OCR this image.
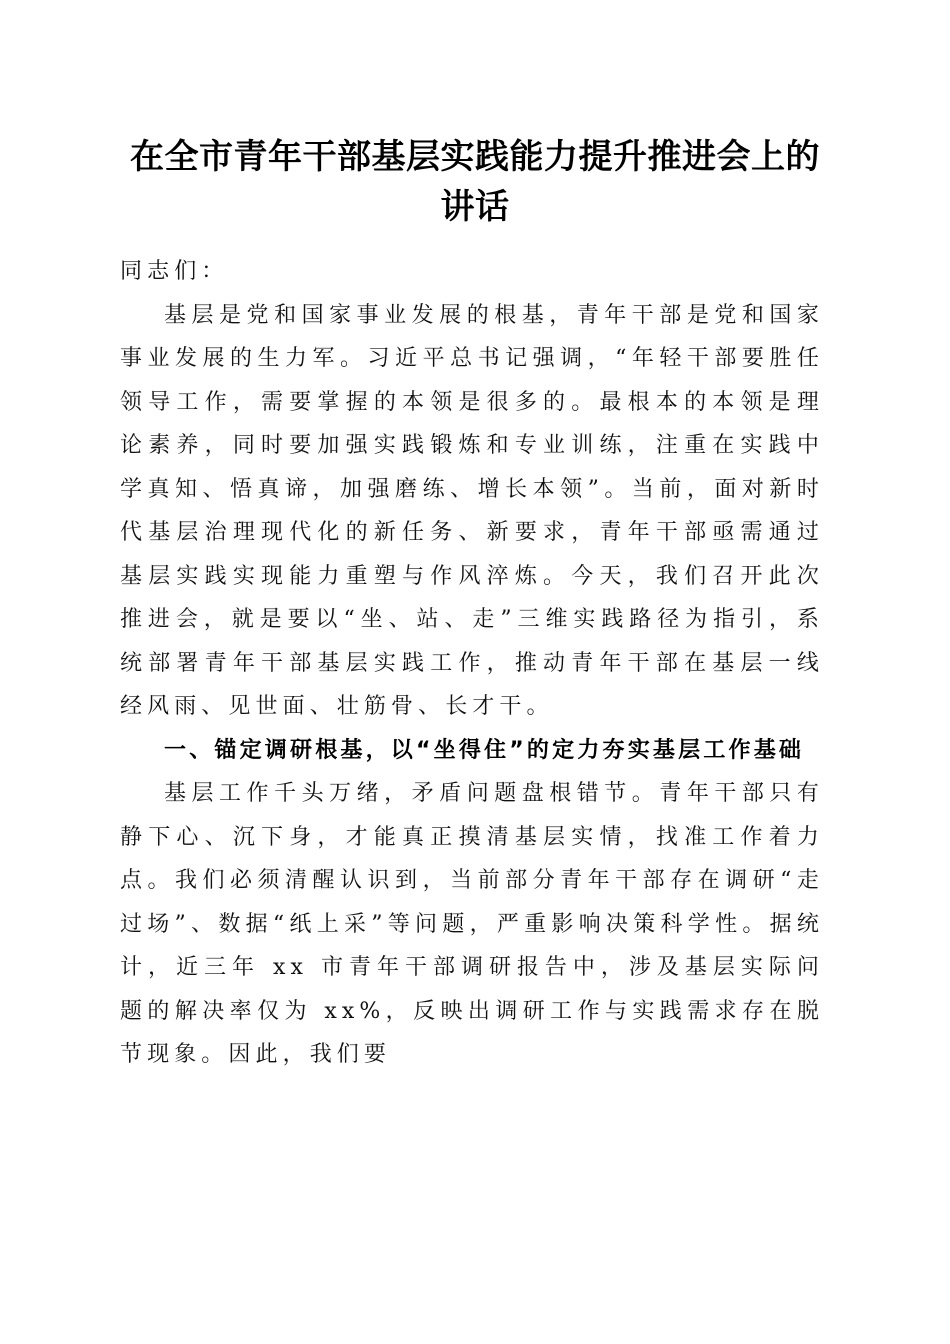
在全市青年干部基层实践能力提升推进会上的
讲话

同志们：

基层是党和国家事业发展的根基，青年干部是党和国家事业发展的生力军。习近平总书记强调，“年轻干部要胜任领导工作，需要掌握的本领是很多的。最根本的本领是理论素养，同时要加强实践锻炼和专业训练，注重在实践中学真知、悟真谛，加强磨练、增长本领”。当前，面对新时代基层治理现代化的新任务、新要求，青年干部亟需通过基层实践实现能力重塑与作风淬炼。今天，我们召开此次推进会，就是要以“坐、站、走”三维实践路径为指引，系统部署青年干部基层实践工作，推动青年干部在基层一线经风雨、见世面、壮筋骨、长才干。

一、锚定调研根基，以“坐得住”的定力夯实基层工作基础

基层工作千头万绪，矛盾问题盘根错节。青年干部只有静下心、沉下身，才能真正摸清基层实情，找准工作着力点。我们必须清醒认识到，当前部分青年干部存在调研“走过场”、数据“纸上采”等问题，严重影响决策科学性。据统计，近三年 xx 市青年干部调研报告中，涉及基层实际问题的解决率仅为 xx%，反映出调研工作与实践需求存在脱节现象。因此，我们要
